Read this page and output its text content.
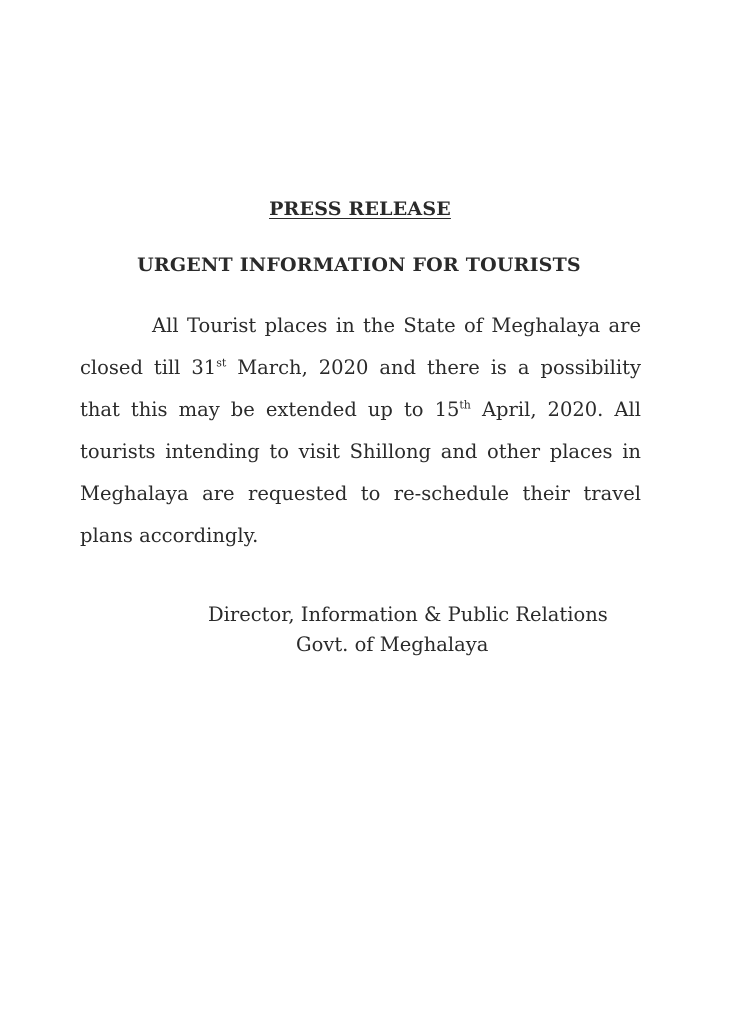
PRESS RELEASE
URGENT INFORMATION FOR TOURISTS

All Tourist places in the State of Meghalaya are closed till 31st March, 2020 and there is a possibility that this may be extended up to 15th April, 2020. All tourists intending to visit Shillong and other places in Meghalaya are requested to re-schedule their travel plans accordingly.

Director, Information & Public Relations
Govt. of Meghalaya
